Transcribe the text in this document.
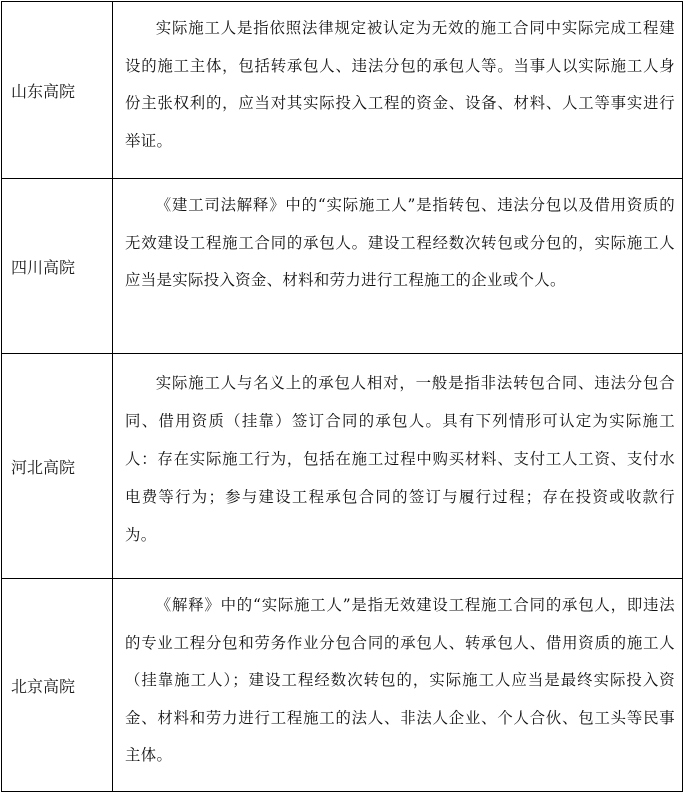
山东高院
实际施工人是指依照法律规定被认定为无效的施工合同中实际完成工程建设的施工主体，包括转承包人、违法分包的承包人等。当事人以实际施工人身份主张权利的，应当对其实际投入工程的资金、设备、材料、人工等事实进行举证。
四川高院
《建工司法解释》中的“实际施工人”是指转包、违法分包以及借用资质的无效建设工程施工合同的承包人。建设工程经数次转包或分包的，实际施工人应当是实际投入资金、材料和劳力进行工程施工的企业或个人。
河北高院
实际施工人与名义上的承包人相对，一般是指非法转包合同、违法分包合同、借用资质（挂靠）签订合同的承包人。具有下列情形可认定为实际施工人：存在实际施工行为，包括在施工过程中购买材料、支付工人工资、支付水电费等行为；参与建设工程承包合同的签订与履行过程；存在投资或收款行为。
北京高院
《解释》中的“实际施工人”是指无效建设工程施工合同的承包人，即违法的专业工程分包和劳务作业分包合同的承包人、转承包人、借用资质的施工人（挂靠施工人）；建设工程经数次转包的，实际施工人应当是最终实际投入资金、材料和劳力进行工程施工的法人、非法人企业、个人合伙、包工头等民事主体。
